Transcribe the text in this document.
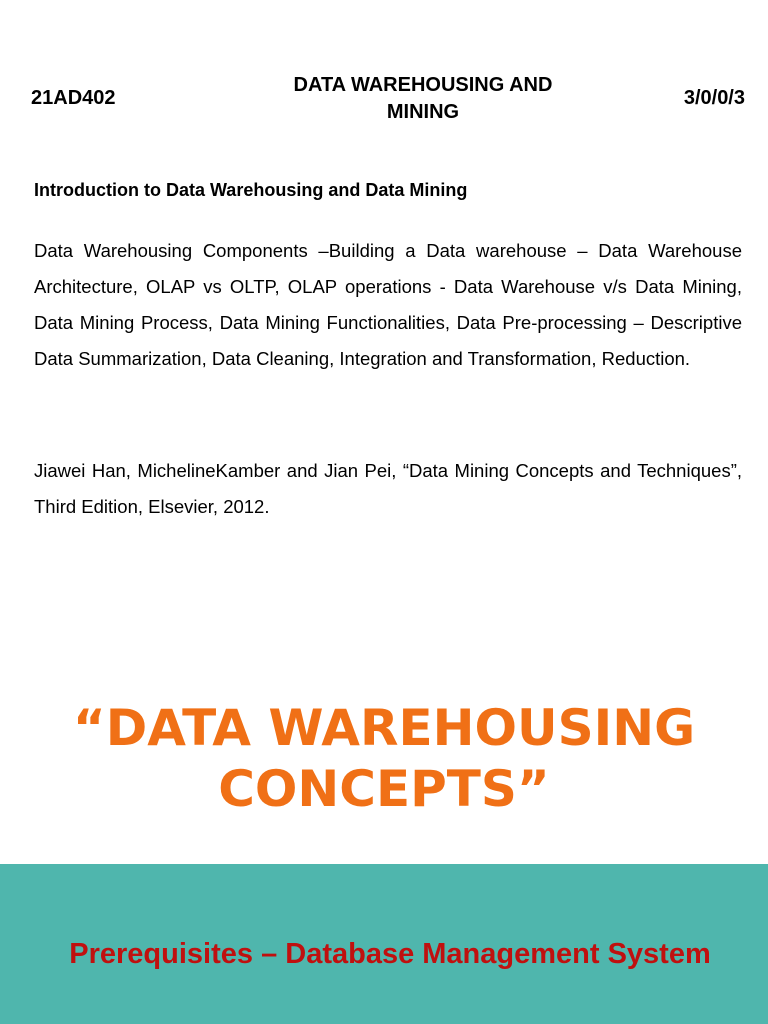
21AD402
DATA WAREHOUSING AND
MINING
3/0/0/3
Introduction to Data Warehousing and Data Mining

Data Warehousing Components –Building a Data warehouse – Data Warehouse Architecture, OLAP vs OLTP, OLAP operations - Data Warehouse v/s Data Mining, Data Mining Process, Data Mining Functionalities, Data Pre-processing – Descriptive Data Summarization, Data Cleaning, Integration and Transformation, Reduction.

Jiawei Han, MichelineKamber and Jian Pei, “Data Mining Concepts and Techniques”, Third Edition, Elsevier, 2012.

“DATA WAREHOUSING
CONCEPTS”
Prerequisites – Database Management System
